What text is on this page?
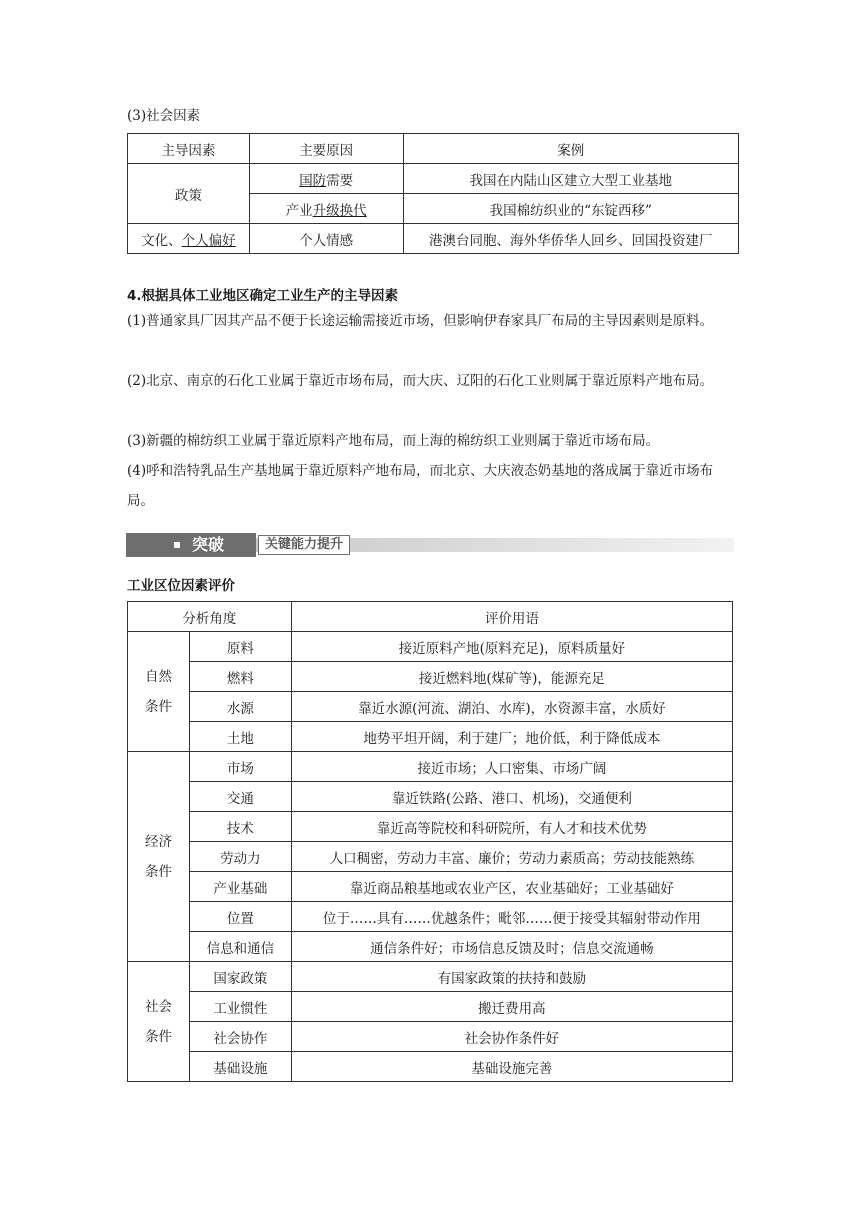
(3)社会因素

主导因素	主要原因	案例
政策	国防需要	我国在内陆山区建立大型工业基地
	产业升级换代	我国棉纺织业的“东锭西移”
文化、个人偏好	个人情感	港澳台同胞、海外华侨华人回乡、回国投资建厂

4.根据具体工业地区确定工业生产的主导因素

(1)普通家具厂因其产品不便于长途运输需接近市场，但影响伊春家具厂布局的主导因素则是原料。

(2)北京、南京的石化工业属于靠近市场布局，而大庆、辽阳的石化工业则属于靠近原料产地布局。

(3)新疆的棉纺织工业属于靠近原料产地布局，而上海的棉纺织工业则属于靠近市场布局。

(4)呼和浩特乳品生产基地属于靠近原料产地布局，而北京、大庆液态奶基地的落成属于靠近市场布局。

突破	关键能力提升

工业区位因素评价

分析角度		评价用语
自然
条件	原料	接近原料产地(原料充足)，原料质量好
	燃料	接近燃料地(煤矿等)，能源充足
	水源	靠近水源(河流、湖泊、水库)，水资源丰富，水质好
	土地	地势平坦开阔，利于建厂；地价低，利于降低成本
经济
条件	市场	接近市场；人口密集、市场广阔
	交通	靠近铁路(公路、港口、机场)，交通便利
	技术	靠近高等院校和科研院所，有人才和技术优势
	劳动力	人口稠密，劳动力丰富、廉价；劳动力素质高；劳动技能熟练
	产业基础	靠近商品粮基地或农业产区，农业基础好；工业基础好
	位置	位于……具有……优越条件；毗邻……便于接受其辐射带动作用
	信息和通信	通信条件好；市场信息反馈及时；信息交流通畅
社会
条件	国家政策	有国家政策的扶持和鼓励
	工业惯性	搬迁费用高
	社会协作	社会协作条件好
	基础设施	基础设施完善
